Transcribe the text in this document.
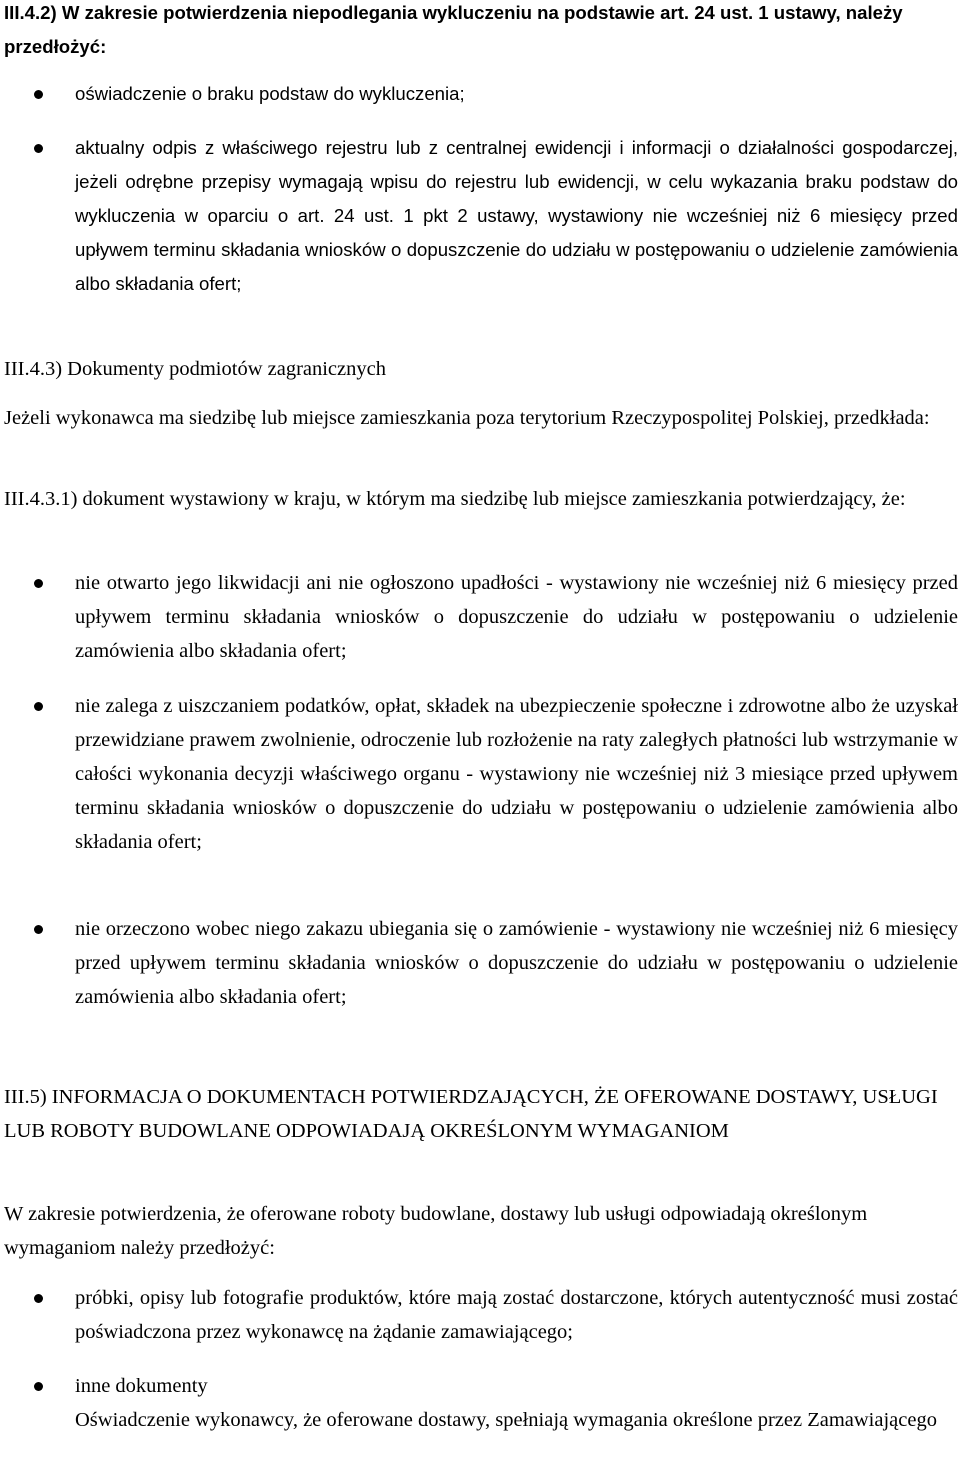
III.4.2) W zakresie potwierdzenia niepodlegania wykluczeniu na podstawie art. 24 ust. 1 ustawy, należy przedłożyć:

oświadczenie o braku podstaw do wykluczenia;
aktualny odpis z właściwego rejestru lub z centralnej ewidencji i informacji o działalności gospodarczej, jeżeli odrębne przepisy wymagają wpisu do rejestru lub ewidencji, w celu wykazania braku podstaw do wykluczenia w oparciu o art. 24 ust. 1 pkt 2 ustawy, wystawiony nie wcześniej niż 6 miesięcy przed upływem terminu składania wniosków o dopuszczenie do udziału w postępowaniu o udzielenie zamówienia albo składania ofert;

III.4.3) Dokumenty podmiotów zagranicznych

Jeżeli wykonawca ma siedzibę lub miejsce zamieszkania poza terytorium Rzeczypospolitej Polskiej, przedkłada:

III.4.3.1) dokument wystawiony w kraju, w którym ma siedzibę lub miejsce zamieszkania potwierdzający, że:

nie otwarto jego likwidacji ani nie ogłoszono upadłości - wystawiony nie wcześniej niż 6 miesięcy przed upływem terminu składania wniosków o dopuszczenie do udziału w postępowaniu o udzielenie zamówienia albo składania ofert;
nie zalega z uiszczaniem podatków, opłat, składek na ubezpieczenie społeczne i zdrowotne albo że uzyskał przewidziane prawem zwolnienie, odroczenie lub rozłożenie na raty zaległych płatności lub wstrzymanie w całości wykonania decyzji właściwego organu - wystawiony nie wcześniej niż 3 miesiące przed upływem terminu składania wniosków o dopuszczenie do udziału w postępowaniu o udzielenie zamówienia albo składania ofert;
nie orzeczono wobec niego zakazu ubiegania się o zamówienie - wystawiony nie wcześniej niż 6 miesięcy przed upływem terminu składania wniosków o dopuszczenie do udziału w postępowaniu o udzielenie zamówienia albo składania ofert;

III.5) INFORMACJA O DOKUMENTACH POTWIERDZAJĄCYCH, ŻE OFEROWANE DOSTAWY, USŁUGI LUB ROBOTY BUDOWLANE ODPOWIADAJĄ OKREŚLONYM WYMAGANIOM

W zakresie potwierdzenia, że oferowane roboty budowlane, dostawy lub usługi odpowiadają określonym wymaganiom należy przedłożyć:

próbki, opisy lub fotografie produktów, które mają zostać dostarczone, których autentyczność musi zostać poświadczona przez wykonawcę na żądanie zamawiającego;
inne dokumenty
Oświadczenie wykonawcy, że oferowane dostawy, spełniają wymagania określone przez Zamawiającego
